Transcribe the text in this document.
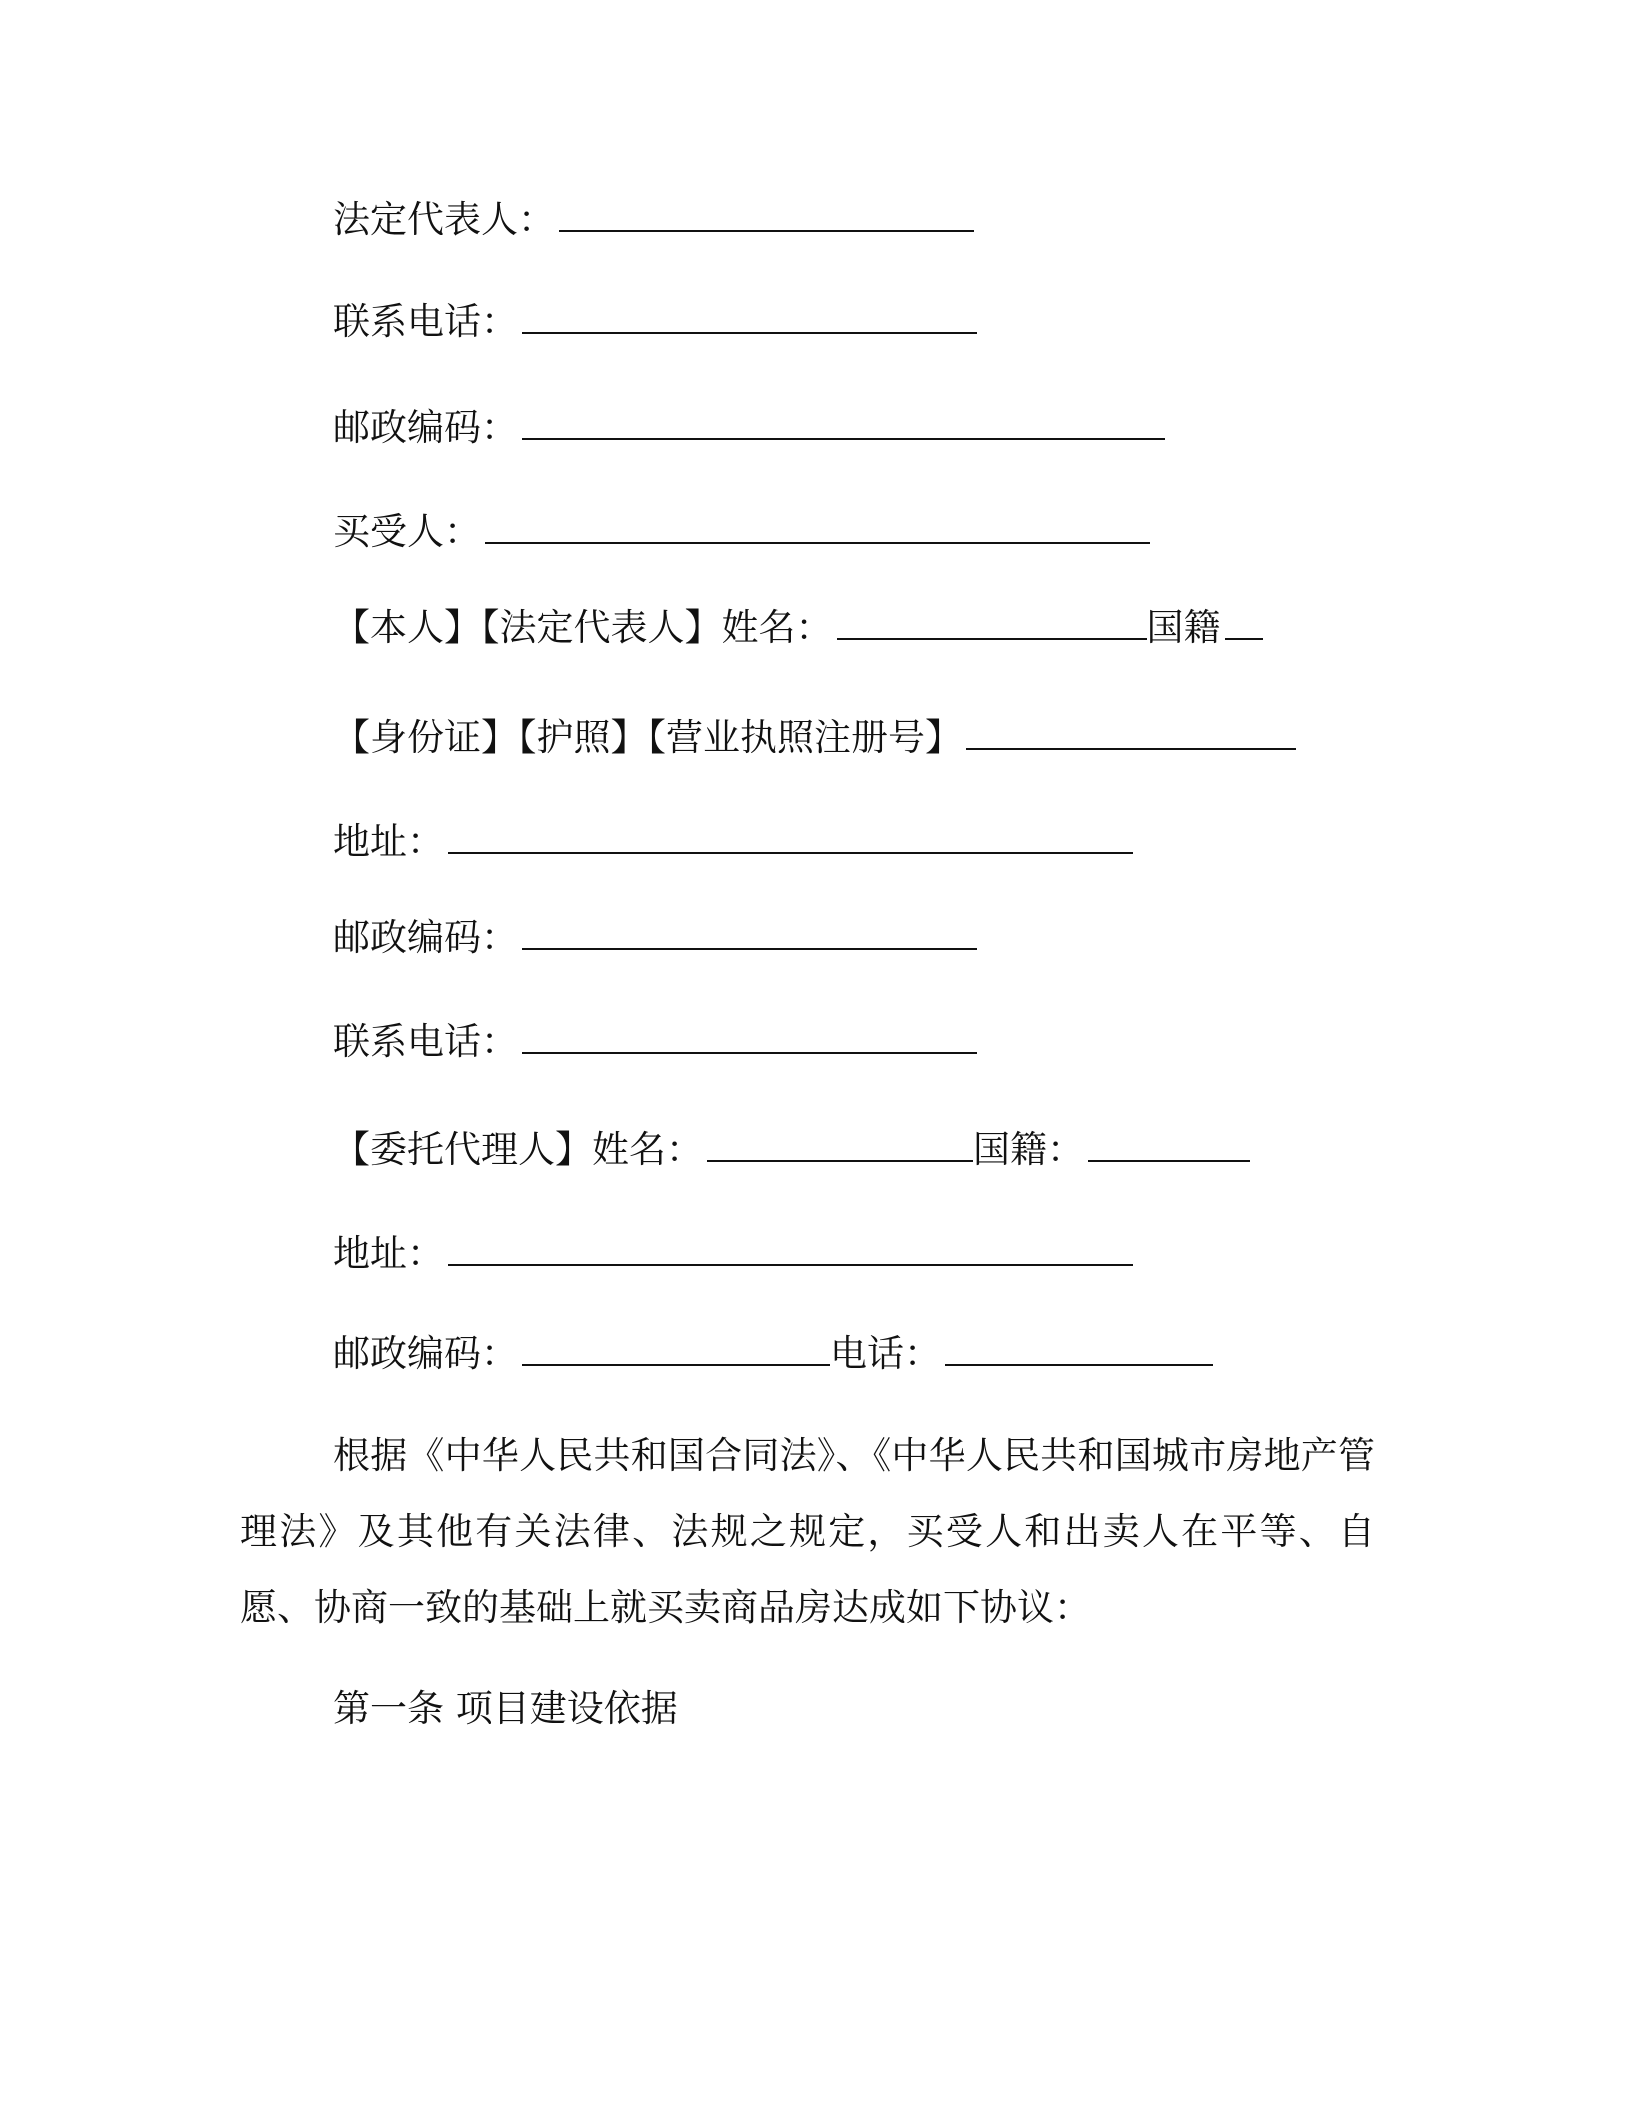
法定代表人：
联系电话：
邮政编码：
买受人：
【本人】【法定代表人】姓名：	国籍
【身份证】【护照】【营业执照注册号】
地址：
邮政编码：
联系电话：
【委托代理人】姓名：	国籍：
地址：
邮政编码：	电话：
根据《中华人民共和国合同法》、《中华人民共和国城市房地产管理法》及其他有关法律、法规之规定，买受人和出卖人在平等、自愿、协商一致的基础上就买卖商品房达成如下协议：
第一条 项目建设依据
